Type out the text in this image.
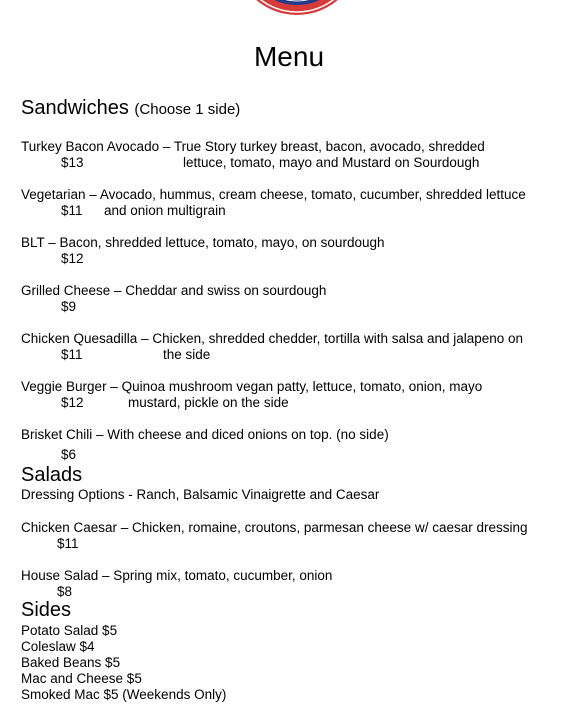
Menu
Sandwiches (Choose 1 side)
Turkey Bacon Avocado – True Story turkey breast, bacon, avocado, shredded
$13	lettuce, tomato, mayo and Mustard on Sourdough
Vegetarian – Avocado, hummus, cream cheese, tomato, cucumber, shredded lettuce
$11 and onion multigrain
BLT – Bacon, shredded lettuce, tomato, mayo, on sourdough
$12
Grilled Cheese – Cheddar and swiss on sourdough
$9
Chicken Quesadilla – Chicken, shredded chedder, tortilla with salsa and jalapeno on
$11	the side
Veggie Burger – Quinoa mushroom vegan patty, lettuce, tomato, onion, mayo
$12	mustard, pickle on the side
Brisket Chili – With cheese and diced onions on top. (no side)
$6
Salads
Dressing Options - Ranch, Balsamic Vinaigrette and Caesar
Chicken Caesar – Chicken, romaine, croutons, parmesan cheese w/ caesar dressing
$11
House Salad – Spring mix, tomato, cucumber, onion
$8
Sides
Potato Salad $5
Coleslaw $4
Baked Beans $5
Mac and Cheese $5
Smoked Mac $5 (Weekends Only)
